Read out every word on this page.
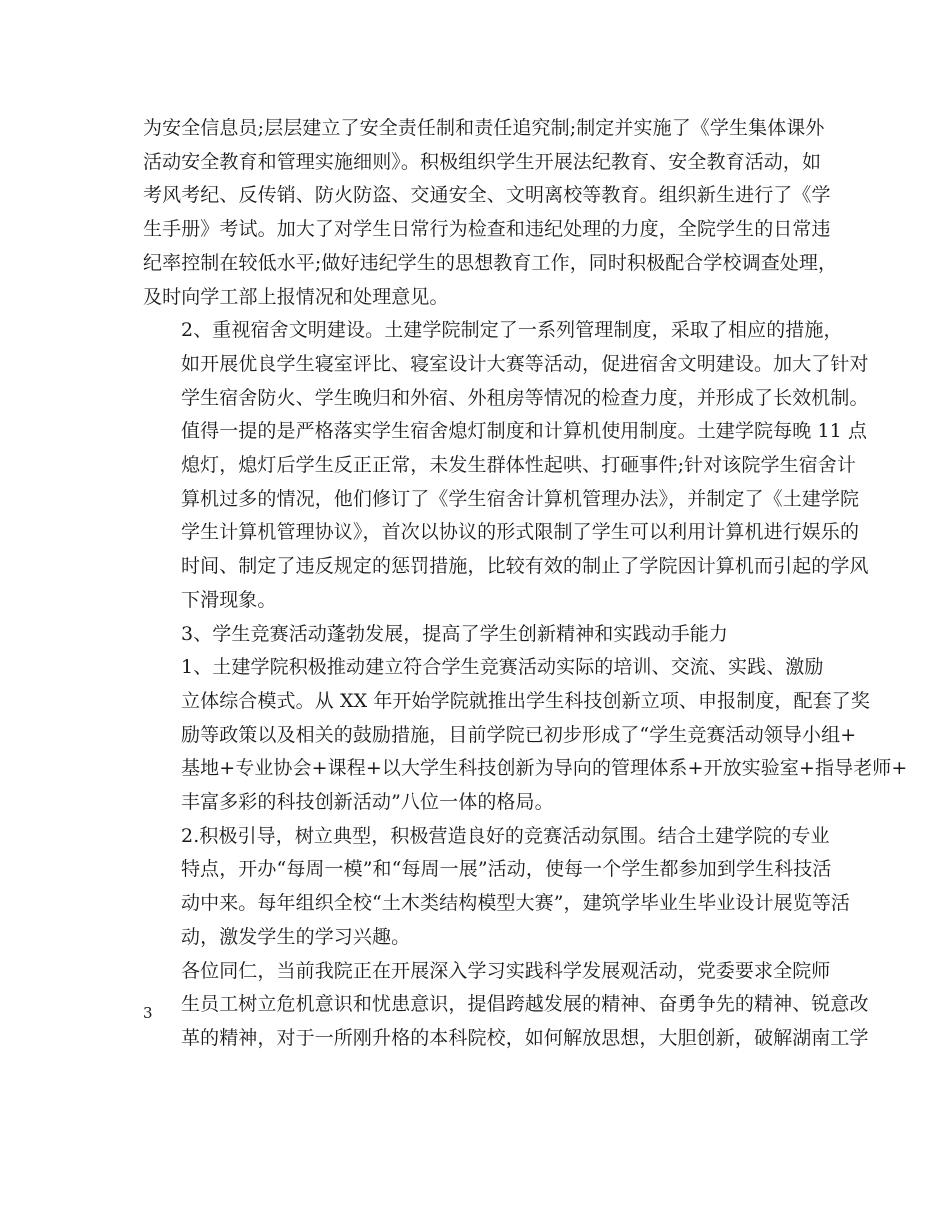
为安全信息员;层层建立了安全责任制和责任追究制;制定并实施了《学生集体课外
活动安全教育和管理实施细则》。积极组织学生开展法纪教育、安全教育活动，如
考风考纪、反传销、防火防盗、交通安全、文明离校等教育。组织新生进行了《学
生手册》考试。加大了对学生日常行为检查和违纪处理的力度，全院学生的日常违
纪率控制在较低水平;做好违纪学生的思想教育工作，同时积极配合学校调查处理，
及时向学工部上报情况和处理意见。

2、重视宿舍文明建设。土建学院制定了一系列管理制度，采取了相应的措施，
如开展优良学生寝室评比、寝室设计大赛等活动，促进宿舍文明建设。加大了针对
学生宿舍防火、学生晚归和外宿、外租房等情况的检查力度，并形成了长效机制。
值得一提的是严格落实学生宿舍熄灯制度和计算机使用制度。土建学院每晚 11 点
熄灯，熄灯后学生反正正常，未发生群体性起哄、打砸事件;针对该院学生宿舍计
算机过多的情况，他们修订了《学生宿舍计算机管理办法》，并制定了《土建学院
学生计算机管理协议》，首次以协议的形式限制了学生可以利用计算机进行娱乐的
时间、制定了违反规定的惩罚措施，比较有效的制止了学院因计算机而引起的学风
下滑现象。

3、学生竞赛活动蓬勃发展，提高了学生创新精神和实践动手能力

1、土建学院积极推动建立符合学生竞赛活动实际的培训、交流、实践、激励
立体综合模式。从 XX 年开始学院就推出学生科技创新立项、申报制度，配套了奖
励等政策以及相关的鼓励措施，目前学院已初步形成了“学生竞赛活动领导小组+
基地+专业协会+课程+以大学生科技创新为导向的管理体系+开放实验室+指导老师+
丰富多彩的科技创新活动”八位一体的格局。

2.积极引导，树立典型，积极营造良好的竞赛活动氛围。结合土建学院的专业
特点，开办“每周一模”和“每周一展”活动，使每一个学生都参加到学生科技活
动中来。每年组织全校“土木类结构模型大赛”，建筑学毕业生毕业设计展览等活
动，激发学生的学习兴趣。

各位同仁，当前我院正在开展深入学习实践科学发展观活动，党委要求全院师
生员工树立危机意识和忧患意识，提倡跨越发展的精神、奋勇争先的精神、锐意改
革的精神，对于一所刚升格的本科院校，如何解放思想，大胆创新，破解湖南工学

3
